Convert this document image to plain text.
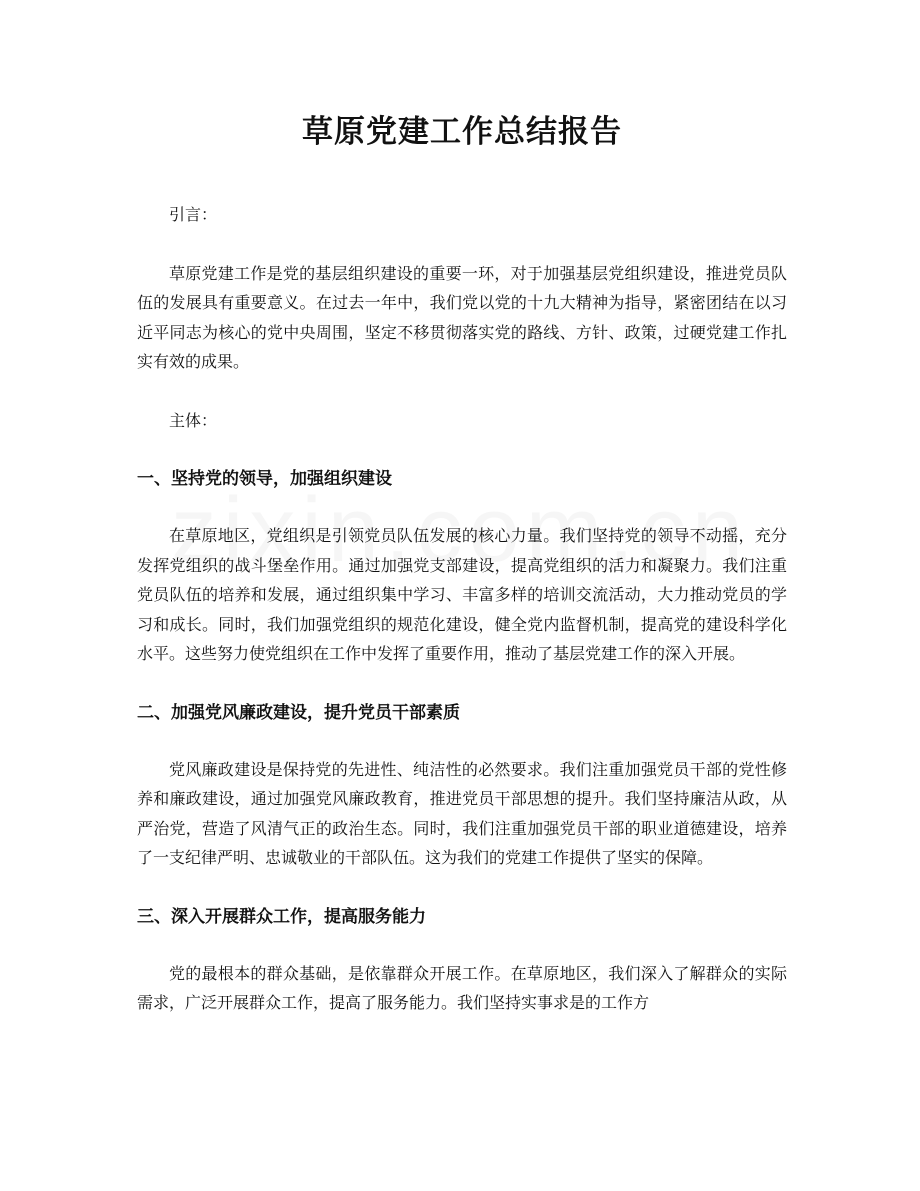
草原党建工作总结报告

引言：

草原党建工作是党的基层组织建设的重要一环，对于加强基层党组织建设，推进党员队伍的发展具有重要意义。在过去一年中，我们党以党的十九大精神为指导，紧密团结在以习近平同志为核心的党中央周围，坚定不移贯彻落实党的路线、方针、政策，过硬党建工作扎实有效的成果。

主体：

一、坚持党的领导，加强组织建设

在草原地区，党组织是引领党员队伍发展的核心力量。我们坚持党的领导不动摇，充分发挥党组织的战斗堡垒作用。通过加强党支部建设，提高党组织的活力和凝聚力。我们注重党员队伍的培养和发展，通过组织集中学习、丰富多样的培训交流活动，大力推动党员的学习和成长。同时，我们加强党组织的规范化建设，健全党内监督机制，提高党的建设科学化水平。这些努力使党组织在工作中发挥了重要作用，推动了基层党建工作的深入开展。

二、加强党风廉政建设，提升党员干部素质

党风廉政建设是保持党的先进性、纯洁性的必然要求。我们注重加强党员干部的党性修养和廉政建设，通过加强党风廉政教育，推进党员干部思想的提升。我们坚持廉洁从政，从严治党，营造了风清气正的政治生态。同时，我们注重加强党员干部的职业道德建设，培养了一支纪律严明、忠诚敬业的干部队伍。这为我们的党建工作提供了坚实的保障。

三、深入开展群众工作，提高服务能力

党的最根本的群众基础，是依靠群众开展工作。在草原地区，我们深入了解群众的实际需求，广泛开展群众工作，提高了服务能力。我们坚持实事求是的工作方
